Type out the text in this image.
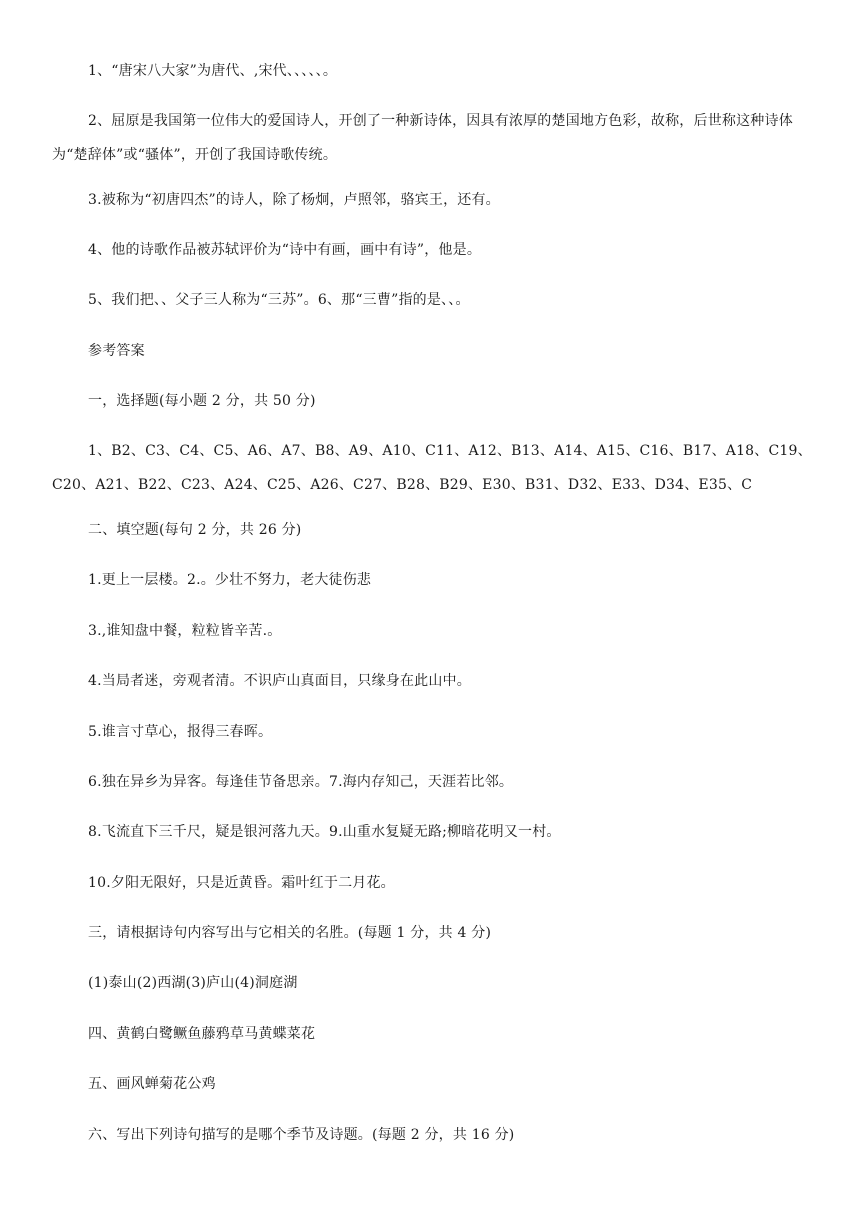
1、“唐宋八大家”为唐代、,宋代、、、、、。

2、屈原是我国第一位伟大的爱国诗人，开创了一种新诗体，因具有浓厚的楚国地方色彩，故称，后世称这种诗体为“楚辞体”或“骚体”，开创了我国诗歌传统。

3.被称为“初唐四杰”的诗人，除了杨炯，卢照邻，骆宾王，还有。

4、他的诗歌作品被苏轼评价为“诗中有画，画中有诗”，他是。

5、我们把、、父子三人称为“三苏”。6、那“三曹”指的是、、。

参考答案

一，选择题(每小题 2 分，共 50 分)

1、B2、C3、C4、C5、A6、A7、B8、A9、A10、C11、A12、B13、A14、A15、C16、B17、A18、C19、C20、A21、B22、C23、A24、C25、A26、C27、B28、B29、E30、B31、D32、E33、D34、E35、C

二、填空题(每句 2 分，共 26 分)

1.更上一层楼。2.。少壮不努力，老大徒伤悲

3.,谁知盘中餐，粒粒皆辛苦.。

4.当局者迷，旁观者清。不识庐山真面目，只缘身在此山中。

5.谁言寸草心，报得三春晖。

6.独在异乡为异客。每逢佳节备思亲。7.海内存知己，天涯若比邻。

8.飞流直下三千尺，疑是银河落九天。9.山重水复疑无路;柳暗花明又一村。

10.夕阳无限好，只是近黄昏。霜叶红于二月花。

三，请根据诗句内容写出与它相关的名胜。(每题 1 分，共 4 分)

(1)泰山(2)西湖(3)庐山(4)洞庭湖

四、黄鹤白鹭鳜鱼藤鸦草马黄蝶菜花

五、画风蝉菊花公鸡

六、写出下列诗句描写的是哪个季节及诗题。(每题 2 分，共 16 分)
